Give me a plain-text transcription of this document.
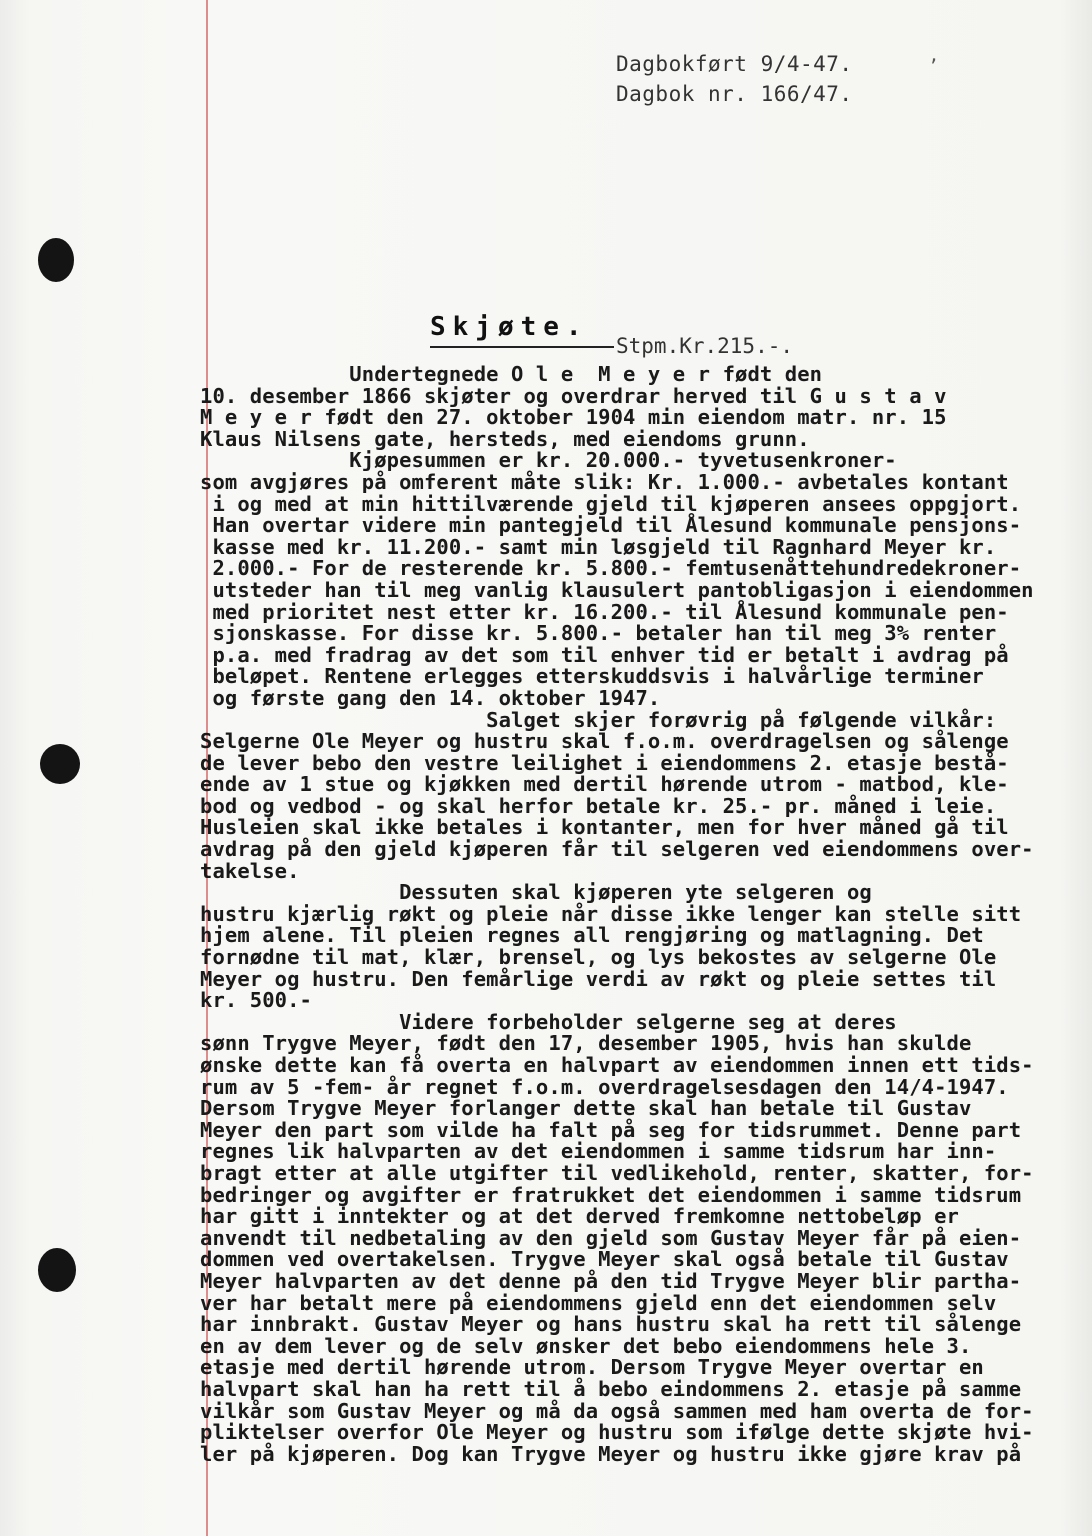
Dagbokført 9/4-47.
Dagbok nr. 166/47.
ʼ
Skjøte.
Stpm.Kr.215.-.
Undertegnede O l e  M e y e r født den
10. desember 1866 skjøter og overdrar herved til G u s t a v
M e y e r født den 27. oktober 1904 min eiendom matr. nr. 15
Klaus Nilsens gate, hersteds, med eiendoms grunn.
Kjøpesummen er kr. 20.000.- tyvetusenkroner-
som avgjøres på omferent måte slik: Kr. 1.000.- avbetales kontant
i og med at min hittilværende gjeld til kjøperen ansees oppgjort.
Han overtar videre min pantegjeld til Ålesund kommunale pensjons-
kasse med kr. 11.200.- samt min løsgjeld til Ragnhard Meyer kr.
2.000.- For de resterende kr. 5.800.- femtusenåttehundredekroner-
utsteder han til meg vanlig klausulert pantobligasjon i eiendommen
med prioritet nest etter kr. 16.200.- til Ålesund kommunale pen-
sjonskasse. For disse kr. 5.800.- betaler han til meg 3% renter
p.a. med fradrag av det som til enhver tid er betalt i avdrag på
beløpet. Rentene erlegges etterskuddsvis i halvårlige terminer
og første gang den 14. oktober 1947.
Salget skjer forøvrig på følgende vilkår:
Selgerne Ole Meyer og hustru skal f.o.m. overdragelsen og sålenge
de lever bebo den vestre leilighet i eiendommens 2. etasje bestå-
ende av 1 stue og kjøkken med dertil hørende utrom - matbod, kle-
bod og vedbod - og skal herfor betale kr. 25.- pr. måned i leie.
Husleien skal ikke betales i kontanter, men for hver måned gå til
avdrag på den gjeld kjøperen får til selgeren ved eiendommens over-
takelse.
Dessuten skal kjøperen yte selgeren og
hustru kjærlig røkt og pleie når disse ikke lenger kan stelle sitt
hjem alene. Til pleien regnes all rengjøring og matlagning. Det
fornødne til mat, klær, brensel, og lys bekostes av selgerne Ole
Meyer og hustru. Den femårlige verdi av røkt og pleie settes til
kr. 500.-
Videre forbeholder selgerne seg at deres
sønn Trygve Meyer, født den 17, desember 1905, hvis han skulde
ønske dette kan få overta en halvpart av eiendommen innen ett tids-
rum av 5 -fem- år regnet f.o.m. overdragelsesdagen den 14/4-1947.
Dersom Trygve Meyer forlanger dette skal han betale til Gustav
Meyer den part som vilde ha falt på seg for tidsrummet. Denne part
regnes lik halvparten av det eiendommen i samme tidsrum har inn-
bragt etter at alle utgifter til vedlikehold, renter, skatter, for-
bedringer og avgifter er fratrukket det eiendommen i samme tidsrum
har gitt i inntekter og at det derved fremkomne nettobeløp er
anvendt til nedbetaling av den gjeld som Gustav Meyer får på eien-
dommen ved overtakelsen. Trygve Meyer skal også betale til Gustav
Meyer halvparten av det denne på den tid Trygve Meyer blir partha-
ver har betalt mere på eiendommens gjeld enn det eiendommen selv
har innbrakt. Gustav Meyer og hans hustru skal ha rett til sålenge
en av dem lever og de selv ønsker det bebo eiendommens hele 3.
etasje med dertil hørende utrom. Dersom Trygve Meyer overtar en
halvpart skal han ha rett til å bebo eindommens 2. etasje på samme
vilkår som Gustav Meyer og må da også sammen med ham overta de for-
pliktelser overfor Ole Meyer og hustru som ifølge dette skjøte hvi-
ler på kjøperen. Dog kan Trygve Meyer og hustru ikke gjøre krav på
